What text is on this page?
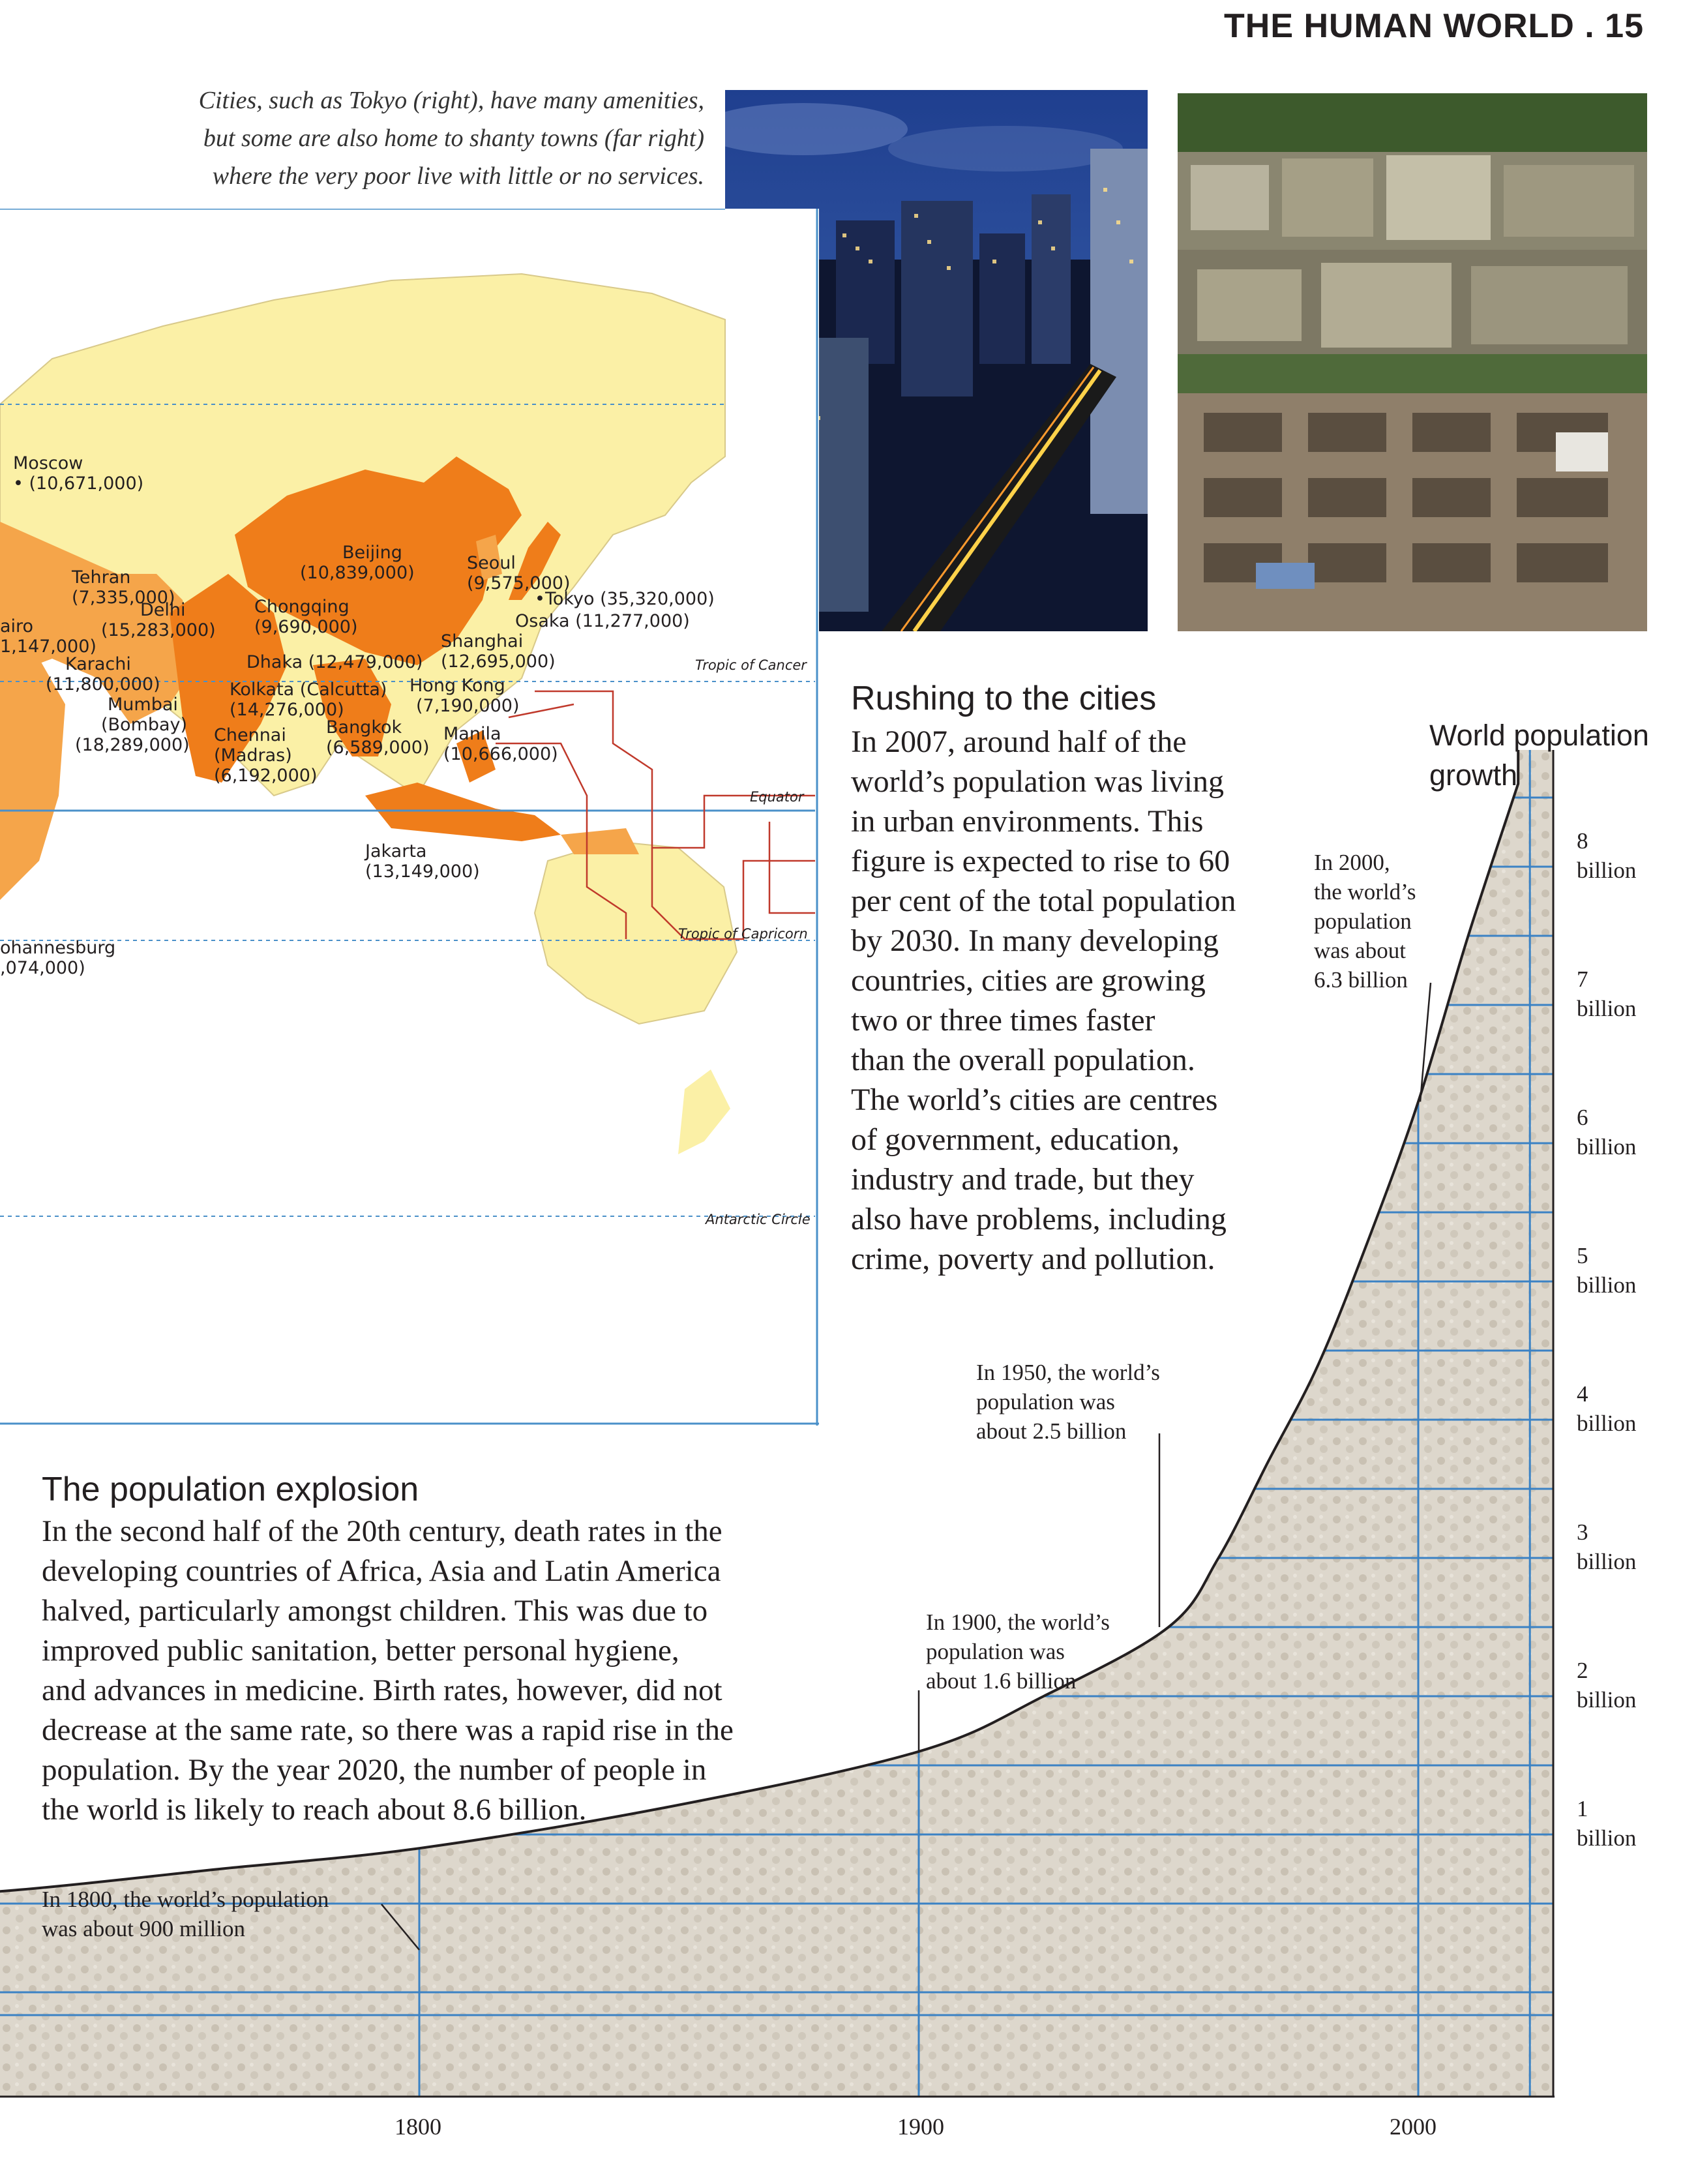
THE HUMAN WORLD . 15
Cities, such as Tokyo (right), have many amenities,
but some are also home to shanty towns (far right)
where the very poor live with little or no services.
Tropic of Cancer
Equator
Tropic of Capricorn
Antarctic Circle
Moscow
• (10,671,000)
Tehran
(7,335,000)
Delhi
(15,283,000)
airo
1,147,000)
Karachi
(11,800,000)
Mumbai
(Bombay)
(18,289,000)
Beijing
(10,839,000)
Chongqing
(9,690,000)
Dhaka (12,479,000)
Kolkata (Calcutta)
(14,276,000)
Chennai
(Madras)
(6,192,000)
Bangkok
(6,589,000)
Seoul
(9,575,000)
•Tokyo (35,320,000)
Osaka (11,277,000)
Shanghai
(12,695,000)
Hong Kong
(7,190,000)
Manila
(10,666,000)
Jakarta
(13,149,000)
ohannesburg
,074,000)
World population
growth
Rushing to the cities
In 2007, around half of the
world’s population was living
in urban environments. This
figure is expected to rise to 60
per cent of the total population
by 2030. In many developing
countries, cities are growing
two or three times faster
than the overall population.
The world’s cities are centres
of government, education,
industry and trade, but they
also have problems, including
crime, poverty and pollution.
The population explosion
In the second half of the 20th century, death rates in the
developing countries of Africa, Asia and Latin America
halved, particularly amongst children. This was due to
improved public sanitation, better personal hygiene,
and advances in medicine. Birth rates, however, did not
decrease at the same rate, so there was a rapid rise in the
population. By the year 2020, the number of people in
the world is likely to reach about 8.6 billion.
In 1800, the world’s population
was about 900 million
In 1900, the world’s
population was
about 1.6 billion
In 1950, the world’s
population was
about 2.5 billion
In 2000,
the world’s
population
was about
6.3 billion
1800	1900	2000
1
billion
2
billion
3
billion
4
billion
5
billion
6
billion
7
billion
8
billion
